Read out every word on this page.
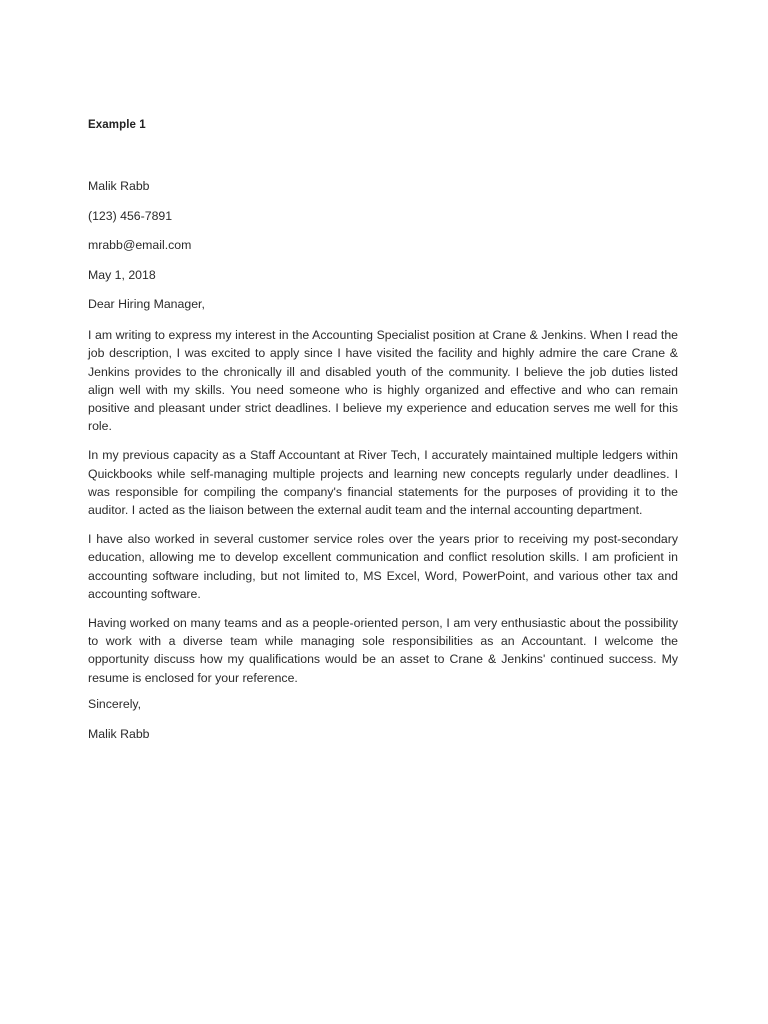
Example 1
Malik Rabb
(123) 456-7891
mrabb@email.com
May 1, 2018
Dear Hiring Manager,
I am writing to express my interest in the Accounting Specialist position at Crane & Jenkins. When I read the job description, I was excited to apply since I have visited the facility and highly admire the care Crane & Jenkins provides to the chronically ill and disabled youth of the community. I believe the job duties listed align well with my skills. You need someone who is highly organized and effective and who can remain positive and pleasant under strict deadlines. I believe my experience and education serves me well for this role.
In my previous capacity as a Staff Accountant at River Tech, I accurately maintained multiple ledgers within Quickbooks while self-managing multiple projects and learning new concepts regularly under deadlines. I was responsible for compiling the company's financial statements for the purposes of providing it to the auditor. I acted as the liaison between the external audit team and the internal accounting department.
I have also worked in several customer service roles over the years prior to receiving my post-secondary education, allowing me to develop excellent communication and conflict resolution skills. I am proficient in accounting software including, but not limited to, MS Excel, Word, PowerPoint, and various other tax and accounting software.
Having worked on many teams and as a people-oriented person, I am very enthusiastic about the possibility to work with a diverse team while managing sole responsibilities as an Accountant. I welcome the opportunity discuss how my qualifications would be an asset to Crane & Jenkins' continued success. My resume is enclosed for your reference.
Sincerely,
Malik Rabb
